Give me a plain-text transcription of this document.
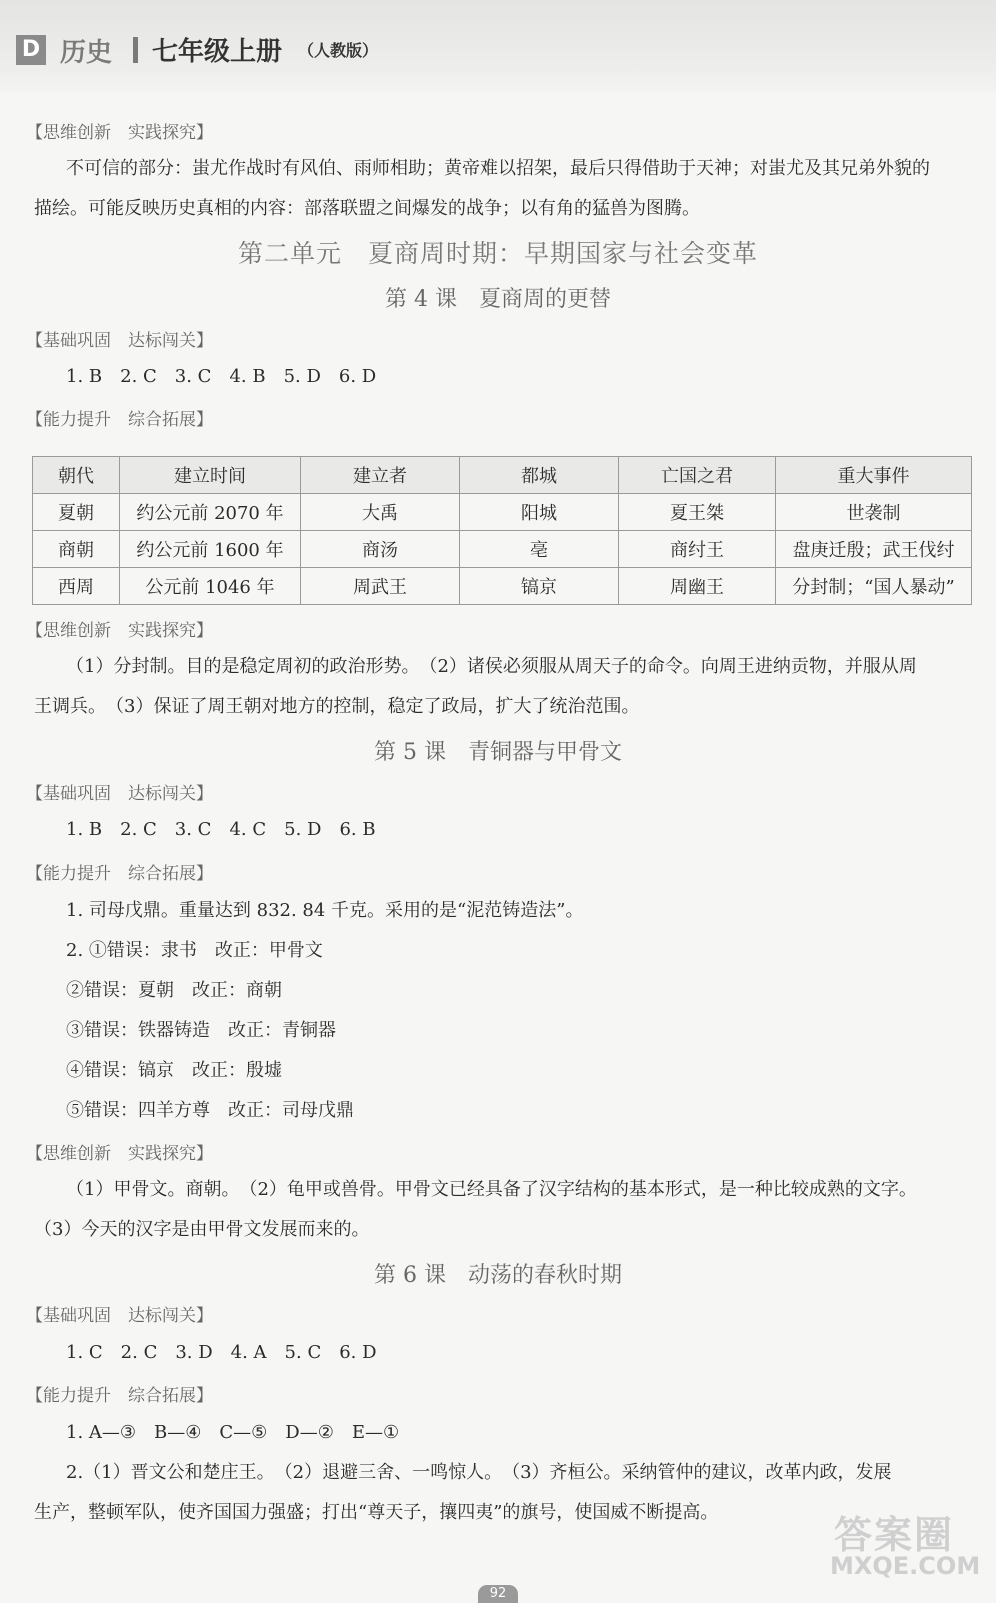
D 历史 七年级上册 （人教版）
【思维创新　实践探究】
不可信的部分：蚩尤作战时有风伯、雨师相助；黄帝难以招架，最后只得借助于天神；对蚩尤及其兄弟外貌的
描绘。可能反映历史真相的内容：部落联盟之间爆发的战争；以有角的猛兽为图腾。
第二单元　夏商周时期：早期国家与社会变革
第 4 课　夏商周的更替
【基础巩固　达标闯关】
1. B　2. C　3. C　4. B　5. D　6. D
【能力提升　综合拓展】
朝代	建立时间	建立者	都城	亡国之君	重大事件
夏朝	约公元前 2070 年	大禹	阳城	夏王桀	世袭制
商朝	约公元前 1600 年	商汤	亳	商纣王	盘庚迁殷；武王伐纣
西周	公元前 1046 年	周武王	镐京	周幽王	分封制；“国人暴动”
【思维创新　实践探究】
（1）分封制。目的是稳定周初的政治形势。　（2）诸侯必须服从周天子的命令。向周王进纳贡物，并服从周
王调兵。　（3）保证了周王朝对地方的控制，稳定了政局，扩大了统治范围。
第 5 课　青铜器与甲骨文
【基础巩固　达标闯关】
1. B　2. C　3. C　4. C　5. D　6. B
【能力提升　综合拓展】
1. 司母戊鼎。重量达到 832. 84 千克。采用的是“泥范铸造法”。
2. ①错误：隶书　改正：甲骨文
②错误：夏朝　改正：商朝
③错误：铁器铸造　改正：青铜器
④错误：镐京　改正：殷墟
⑤错误：四羊方尊　改正：司母戊鼎
【思维创新　实践探究】
（1）甲骨文。商朝。　（2）龟甲或兽骨。甲骨文已经具备了汉字结构的基本形式，是一种比较成熟的文字。
（3）今天的汉字是由甲骨文发展而来的。
第 6 课　动荡的春秋时期
【基础巩固　达标闯关】
1. C　2. C　3. D　4. A　5. C　6. D
【能力提升　综合拓展】
1. A—③　B—④　C—⑤　D—②　E—①
2.（1）晋文公和楚庄王。　（2）退避三舍、一鸣惊人。　（3）齐桓公。采纳管仲的建议，改革内政，发展
生产，整顿军队，使齐国国力强盛；打出“尊天子，攘四夷”的旗号，使国威不断提高。
答案圈
MXQE.COM
92
